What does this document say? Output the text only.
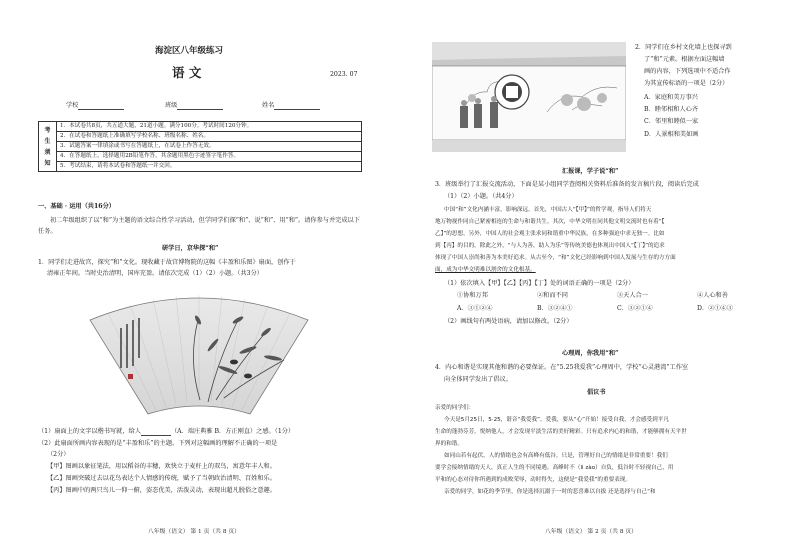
海淀区八年级练习
语 文	2023. 07
学校	班级	姓名
考
生
须
知
	1．本试卷共8页，共五道大题，21道小题。满分100分。考试时间120分钟。
2．在试卷和答题纸上准确填写学校名称、班级名称、姓名。
3．试题答案一律填涂或书写在答题纸上，在试卷上作答无效。
4．在答题纸上，选择题用2B铅笔作答，其余题用黑色字迹签字笔作答。
5．考试结束，请将本试卷和答题纸一并交回。
一、基础 · 运用（共16分）
初二年级组织了以“和”为主题的语文综合性学习活动，但学同学们探“和”、说“和”、用“和”。请你参与并完成以下任务。
研学日，京华探“和”
1．同学们走进故宫，探究“和”文化。现收藏于故宫博物院的这幅《丰盈和乐图》扇面，创作于
清雍正年间。当时史治清明，国库充盈。请依次完成（1）（2）小题。（共3分）
（1）扇面上的文字以楷书写就，给人	（A．端庄典雅 B．方正刚直）之感。（1分）
（2）此扇面所画内容表现的是“丰盈和乐”的主题。下列对这幅画的理解不正确的一项是
（2分）
【甲】图画以象征笔法，用以稻谷的丰穗，欢快立于麦秆上的双鸟，寓意年丰人和。
【乙】图画突破过去以花鸟表达个人情感的传统，赋予了当朝政治清明、百姓和乐。
【丙】图画中的两只鸟儿一仰一俯，姿态优美，活泼灵动，表现出超凡脱俗之意趣。
八年级（语文） 第 1 页（共 8 页）
2．同学们在乡村文化墙上也探寻到
了“和”元素。根据左面这幅墙
画的内容，下列选项中不适合作
为其宣传标语的一项是（2分）
A．家庭和美万事兴
B．睦邻相和人心齐
C．邻里和睦似一家
D．人景相和美如画
汇报课，学子说“和”
3．班级举行了汇报交流活动，下面是某小组同学查阅相关资料后准备的发言稿片段，阅读后完成
（1）（2）小题。（共4分）
中国“和”文化内涵丰富，影响深远。首先，中国古人“【甲】”的哲学观，指导人们将天
地万物视作同自己紧密相连的生命与和谐共生。其次，中华文明在同其他文明交流时也有着“【
乙】”的思想。另外，中国人的社会观主张求同和谐重中华民族，在多种强迫中求无独一。比如
到【丙】的目的。除此之外，“与人为善，助人为乐”等传统美德也体现出中国人“【丁】”的追求
体现了中国人崇尚和善为本美好追求。从古至今，“和”文化已经影响到中国人发展与生存的方方面
面，成为中华文明难以割舍的文化根基。
（1）依次填入【甲】【乙】【丙】【丁】处的词语正确的一项是（2分）
①协和万邦	②和而不同	③天人合一	④人心和善
A．③①②④	B．③②④①	C．③②①④	D．②①④③
（2）画线句有两处语病，请加以修改。（2分）
心理周，你我用“和”
4．内心和谐是实现其他和谐的必要保证。在“5.25我爱我”心理周中，学校“心灵港湾”工作室
向全体同学发出了倡议。
倡议书
亲爱的同学们：
今天是5月25日，5·25，谐音“我爱我”。爱我，要从“心”开始！接受自我，才会感受到平凡
生命的蓬勃芬芳，悦纳他人，才会发现平淡生活的美好精彩。只有追求内心的和谐，才能够拥有天平世
界的和谐。
如同山若有起伏，人的情绪也会有高峰有低谷。只是，管理好自己的情绪是非常重要！我们
要学会接纳情绪的天人，真正人生的不同境遇。高峰时不（lì zào）自负，低谷时不轻视自己，用
平和的心态对待你所遇到的成败荣辱，动时得失，这便是“我爱我”的重要表现。
亲爱的同学，如花的季节里，你是选择沉溺于一时的悲喜难以自拔 还是选择与自己“和
八年级（语文） 第 2 页（共 8 页）
